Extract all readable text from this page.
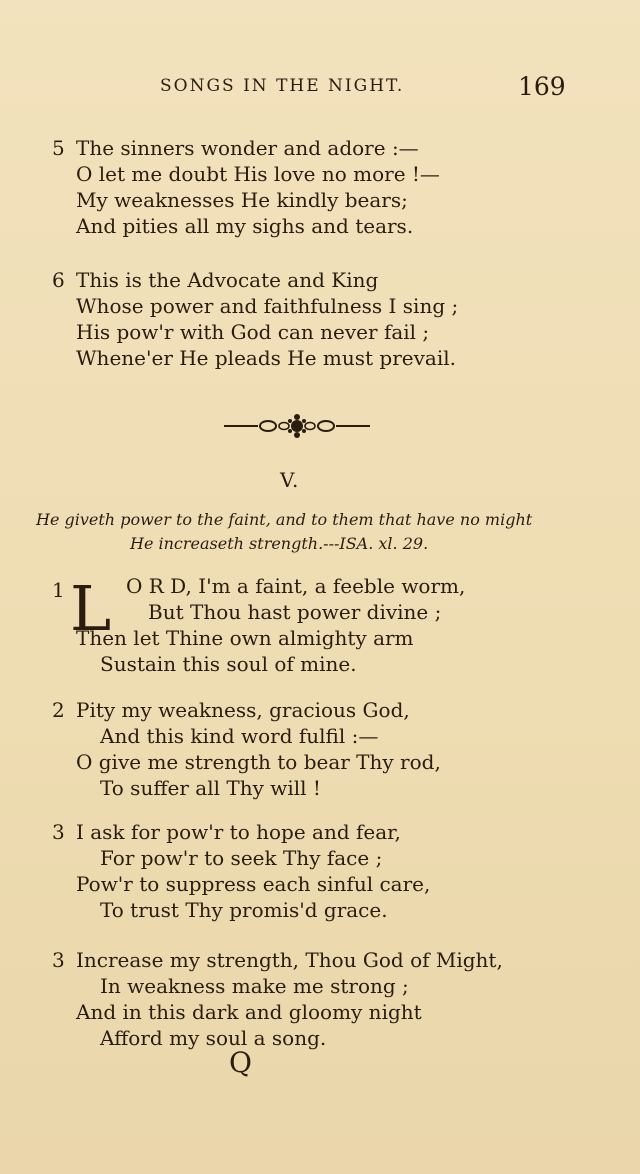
SONGS IN THE NIGHT.	169
5 The sinners wonder and adore :—
O let me doubt His love no more !—
My weaknesses He kindly bears;
And pities all my sighs and tears.
6 This is the Advocate and King
Whose power and faithfulness I sing ;
His pow'r with God can never fail ;
Whene'er He pleads He must prevail.
V.
He giveth power to the faint, and to them that have no might
He increaseth strength.---ISA. xl. 29.
1 L O R D, I'm a faint, a feeble worm,
But Thou hast power divine ;
Then let Thine own almighty arm
Sustain this soul of mine.
2 Pity my weakness, gracious God,
And this kind word fulfil :—
O give me strength to bear Thy rod,
To suffer all Thy will !
3 I ask for pow'r to hope and fear,
For pow'r to seek Thy face ;
Pow'r to suppress each sinful care,
To trust Thy promis'd grace.
3 Increase my strength, Thou God of Might,
In weakness make me strong ;
And in this dark and gloomy night
Afford my soul a song.
Q
